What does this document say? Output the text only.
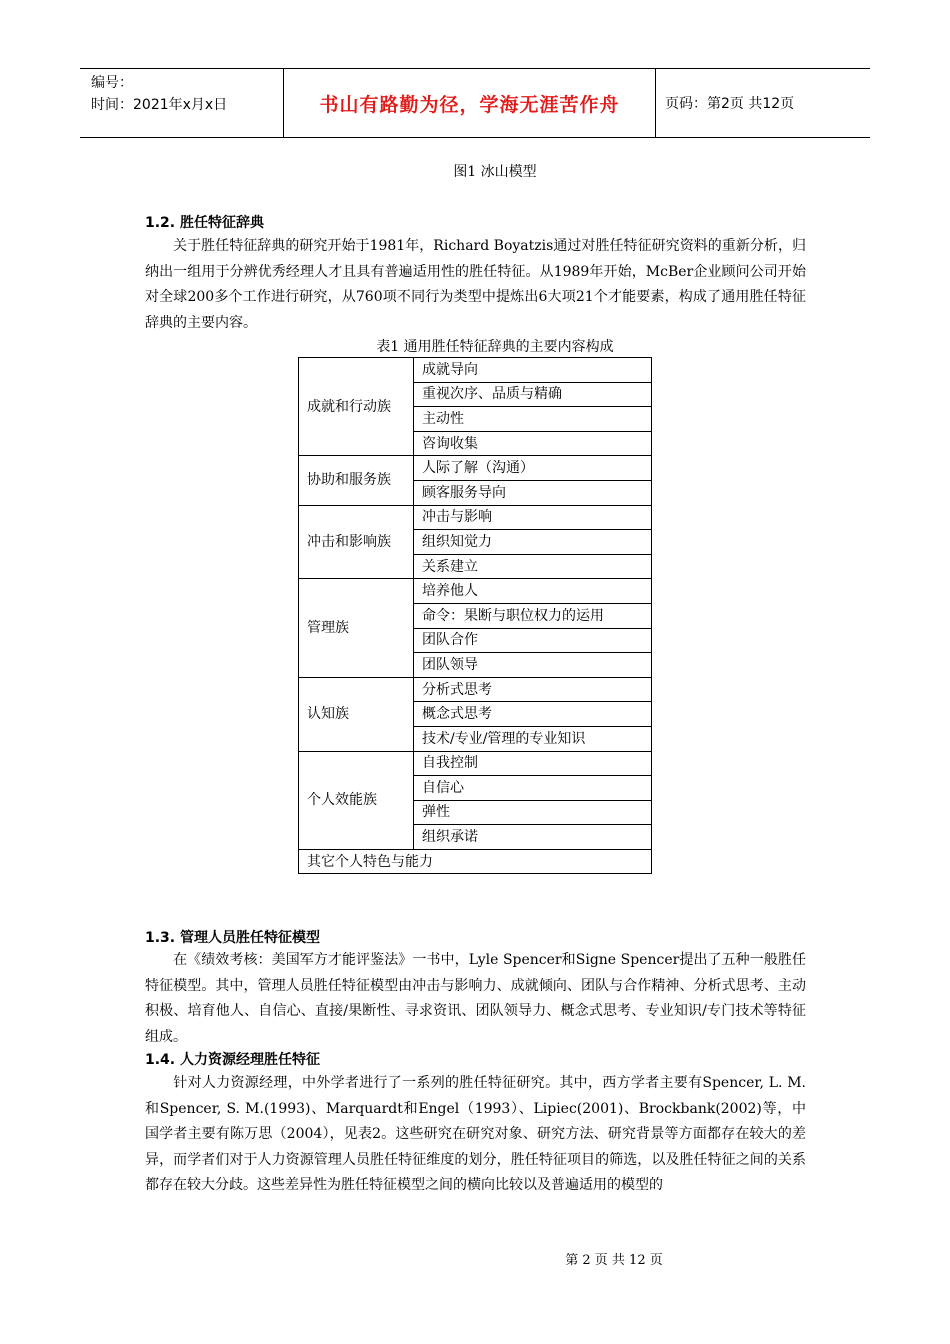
编号：
时间：2021年x月x日	书山有路勤为径，学海无涯苦作舟	页码：第2页 共12页
图1 冰山模型
1.2. 胜任特征辞典
关于胜任特征辞典的研究开始于1981年，Richard Boyatzis通过对胜任特征研究资料的重新分析，归纳出一组用于分辨优秀经理人才且具有普遍适用性的胜任特征。从1989年开始，McBer企业顾问公司开始对全球200多个工作进行研究，从760项不同行为类型中提炼出6大项21个才能要素，构成了通用胜任特征辞典的主要内容。
表1 通用胜任特征辞典的主要内容构成
成就和行动族	成就导向
	重视次序、品质与精确
	主动性
	咨询收集
协助和服务族	人际了解（沟通）
	顾客服务导向
冲击和影响族	冲击与影响
	组织知觉力
	关系建立
管理族	培养他人
	命令：果断与职位权力的运用
	团队合作
	团队领导
认知族	分析式思考
	概念式思考
	技术/专业/管理的专业知识
个人效能族	自我控制
	自信心
	弹性
	组织承诺
其它个人特色与能力	
1.3. 管理人员胜任特征模型
在《绩效考核：美国军方才能评鉴法》一书中，Lyle Spencer和Signe Spencer提出了五种一般胜任特征模型。其中，管理人员胜任特征模型由冲击与影响力、成就倾向、团队与合作精神、分析式思考、主动积极、培育他人、自信心、直接/果断性、寻求资讯、团队领导力、概念式思考、专业知识/专门技术等特征组成。
1.4. 人力资源经理胜任特征
针对人力资源经理，中外学者进行了一系列的胜任特征研究。其中，西方学者主要有Spencer, L. M.和Spencer, S. M.(1993)、Marquardt和Engel（1993）、Lipiec(2001)、Brockbank(2002)等，中国学者主要有陈万思（2004），见表2。这些研究在研究对象、研究方法、研究背景等方面都存在较大的差异，而学者们对于人力资源管理人员胜任特征维度的划分，胜任特征项目的筛选，以及胜任特征之间的关系都存在较大分歧。这些差异性为胜任特征模型之间的横向比较以及普遍适用的模型的
第 2 页 共 12 页
